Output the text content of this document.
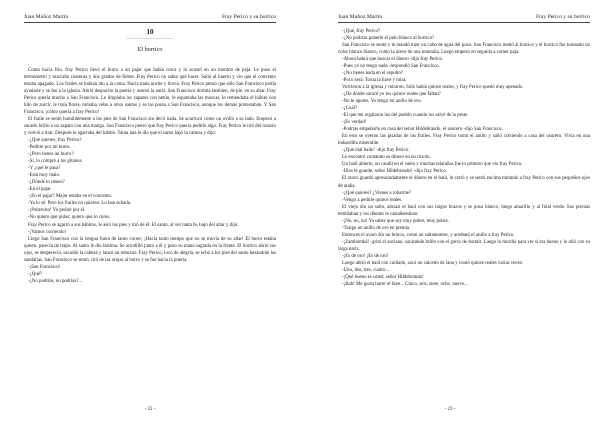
Juan Muñoz Martín	Fray Perico y su borrico
10
~~~~~~~~~~~~~~~~
El borrico

Como hacía frío, fray Perico llevó el burro a un pajar que había cerca y lo acostó en un montón de paja. Le puso el termómetro y marcaba cuarenta y dos grados de fiebre. Fray Perico no sabía qué hacer. Salió al huerto y vio que el convento estaba apagado. Los frailes se habían ido a la cama. Hacía mala noche y llovía. Fray Perico pensó que sólo San Francisco podía ayudarle y se fue a la iglesia. Abrió despacito la puerta y asomó la nariz. San Francisco dormía tambien, de pie, en su altar. Fray Perico quería mucho a San Francisco. Le limpiaba los zapatos con betún, le espantaba las moscas, le remendaba el hábito con hilo de zurcir, le traía flores, tomaba velas a otros santos y se las ponía a San Francisco, aunque los demás protestaban. Y San Francisco, ¡cómo quería a fray Perico!

El fraile se sentó humildemente a los pies de San Francisco sin decir nada. Se acurrucó como un ovillo a su lado. Empezó a sacarle brillo a un zapato con una manga. San Francisco pensó que fray Perico quería pedirle algo. Fray Perico le tiró del rosario y volvió a tirar. Después le agarraba del hábito. Tanta lata le dio que el santo bajó la cabeza y dijo:

-¿Qué quieres, fray Perico?

-Pedirte por mi burro.

-¿Pero tienes un burro?

-Sí, lo compré a los gitanos.

-Y ¿qué le pasa?

-Está muy malo.

-¿Dónde lo tienes?

-En el pajar.

-¡En el pajar? Mejor estaba en el convento.

-Ya lo sé. Pero los frailes no quieren. Lo han echado.

-¡Pobrecito! Yo pediré por él.

-No quiero que pidas; quiero que lo cures.

Fray Perico se agarró a sus hábitos, le asió los pies y tiró de él. El santo, al ver tanta fe, bajó del altar y dijo:

-¡Vamos corriendo!

Llegó San Francisco con la lengua fuera de tanto correr; ¡Hacía tanto tiempo que no se movía de su altar! El burro estaba quieto, parecía de trapo. Al santo le dio lástima. Se arrodilló junto a él y puso su mano sagrada en la frente. El borrico abrió sus ojos, se despereció, sacudió la cabeza y lanzó un rebuzno. Fray Perico, loco de alegría, se echó a los pies del santo besándole las sandalias. San Francisco se sentó, tiró de las orejas al burro y se fue hacia la puerta.

-¡San Francisco!

-¿Qué?

-¿No podrías, no podrías?...

- 22 -
Juan Muñoz Martín	Fray Perico y su borrico

-¿Qué, fray Perico?

-¿No podrías ponerle el pelo blanco al borrico?

San Francisco se sentó y le mandó traer un cubo de agua del pozo. San Francisco metió al burrico y el burrico fue tomando un color blanco blanco, como la nieve de una montaña. Luego empezó en seguida a comer paja.

-Ahora habrá que buscar el dinero -dijo fray Perico.

-Pues yo no tengo nada -respondió San Francisco.

-¿No tienes nada en el sepulto?

-Poco será. Toma la llave y mira.

Volvieron a la iglesia y miraron. Sólo había quince reales, y fray Perico quedó muy apenado.

-¿De dónde sacaré yo los quince reales que faltan?

-No te apures. Yo tengo mi anillo de oro.

-¿Cuál?

-El que me regalaron los del pueblo cuando los salvé de la peste.

-¡Es verdad!

-Podrías empeñarlo en casa del señor Hildebrando, el usurero -dijo San Francisco.

En esto se oyeron las pisadas de los frailes. Fray Perico tomó el anillo y salió corriendo a casa del usurero. Vivía en una buhardilla miserable.

-¿Qué mal baile! -dijo fray Perico.

Le encontró contando su dinero en un rincón.

Un baúl abierto, un candil en el suelo y muchas telarañas fue lo primero que vio fray Perico.

-Dios le guarde, señor Hildebrando! -dijo fray Perico.

El avaro guardó apresuradamente el dinero en el baúl, lo cerró y se sentó encima mirando a fray Perico con sus pequeños ojos de araña.

-¿Qué quieres? ¿Vienes a robarme?

-Vengo a pedirle quince reales.

El viejo dio un salto, abrazó el baúl con sus largos brazos y se puso blanco, luego amarillo y al final verde. Sus piernas temblaban y los dientes le castañeteaban:

-¡No, no, no! Ya sabes que soy muy pobre, muy pobre.

-Traigo un anillo de oro en prenda.

Entonces el avaro dio un brinco, como un saltamontes, y arrebató el anillo a fray Perico.

-¡Zambombá! -gritó el anciano, sacándole brillo con el gorro de dormir. Luego lo mordió para ver si era bueno y lo olió con su larga nariz.

-¡Es de oro! ¡Es de oro!

Luego abrió el baúl con cuidado, sacó un calcetín de lana y contó quince reales varias veces:

-Uno, dos, tres, cuatro...

-¡Qué bueno es usted, señor Hildebrando!

-¡Bah! Me gusta hacer el bien... Cinco, seis, siete, ocho, nueve...

- 23 -
